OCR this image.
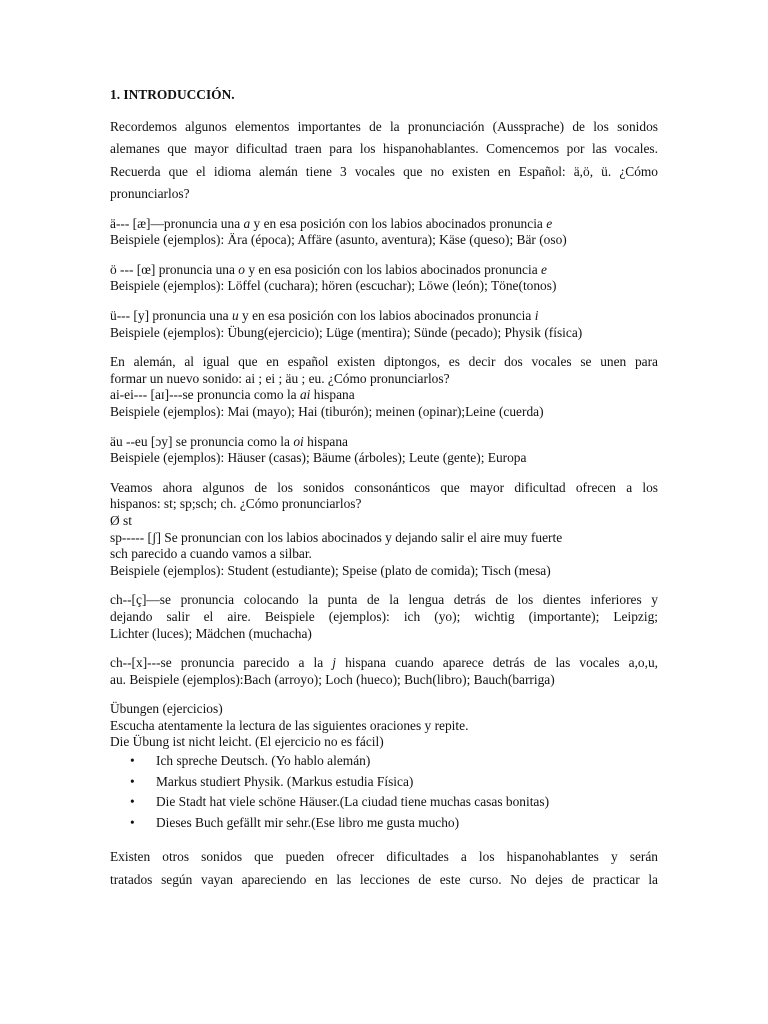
1. INTRODUCCIÓN.

Recordemos algunos elementos importantes de la pronunciación (Aussprache) de los sonidos alemanes que mayor dificultad traen para los hispanohablantes. Comencemos por las vocales. Recuerda que el idioma alemán tiene 3 vocales que no existen en Español: ä,ö, ü. ¿Cómo pronunciarlos?

ä--- [æ]—pronuncia una a y en esa posición con los labios abocinados pronuncia e
Beispiele (ejemplos): Ära (época); Affäre (asunto, aventura); Käse (queso); Bär (oso)
ö --- [œ] pronuncia una o y en esa posición con los labios abocinados pronuncia e
Beispiele (ejemplos): Löffel (cuchara); hören (escuchar); Löwe (león); Töne(tonos)
ü--- [y] pronuncia una u y en esa posición con los labios abocinados pronuncia i
Beispiele (ejemplos): Übung(ejercicio); Lüge (mentira); Sünde (pecado); Physik (física)
En alemán, al igual que en español existen diptongos, es decir dos vocales se unen para
formar un nuevo sonido: ai ; ei ; äu ; eu. ¿Cómo pronunciarlos?
ai-ei--- [aɪ]---se pronuncia como la ai hispana
Beispiele (ejemplos): Mai (mayo); Hai (tiburón); meinen (opinar);Leine (cuerda)
äu --eu [ɔy] se pronuncia como la oi hispana
Beispiele (ejemplos): Häuser (casas); Bäume (árboles); Leute (gente); Europa
Veamos ahora algunos de los sonidos consonánticos que mayor dificultad ofrecen a los
hispanos: st; sp;sch; ch. ¿Cómo pronunciarlos?
Ø st
sp----- [ʃ] Se pronuncian con los labios abocinados y dejando salir el aire muy fuerte
sch parecido a cuando vamos a silbar.
Beispiele (ejemplos): Student (estudiante); Speise (plato de comida); Tisch (mesa)
ch--[ç]—se pronuncia colocando la punta de la lengua detrás de los dientes inferiores y
dejando salir el aire. Beispiele (ejemplos): ich (yo); wichtig (importante); Leipzig;
Lichter (luces); Mädchen (muchacha)
ch--[x]---se pronuncia parecido a la j hispana cuando aparece detrás de las vocales a,o,u,
au. Beispiele (ejemplos):Bach (arroyo); Loch (hueco); Buch(libro); Bauch(barriga)
Übungen (ejercicios)
Escucha atentamente la lectura de las siguientes oraciones y repite.
Die Übung ist nicht leicht. (El ejercicio no es fácil)
• Ich spreche Deutsch. (Yo hablo alemán)
• Markus studiert Physik. (Markus estudia Física)
• Die Stadt hat viele schöne Häuser.(La ciudad tiene muchas casas bonitas)
• Dieses Buch gefällt mir sehr.(Ese libro me gusta mucho)
Existen otros sonidos que pueden ofrecer dificultades a los hispanohablantes y serán
tratados según vayan apareciendo en las lecciones de este curso. No dejes de practicar la
